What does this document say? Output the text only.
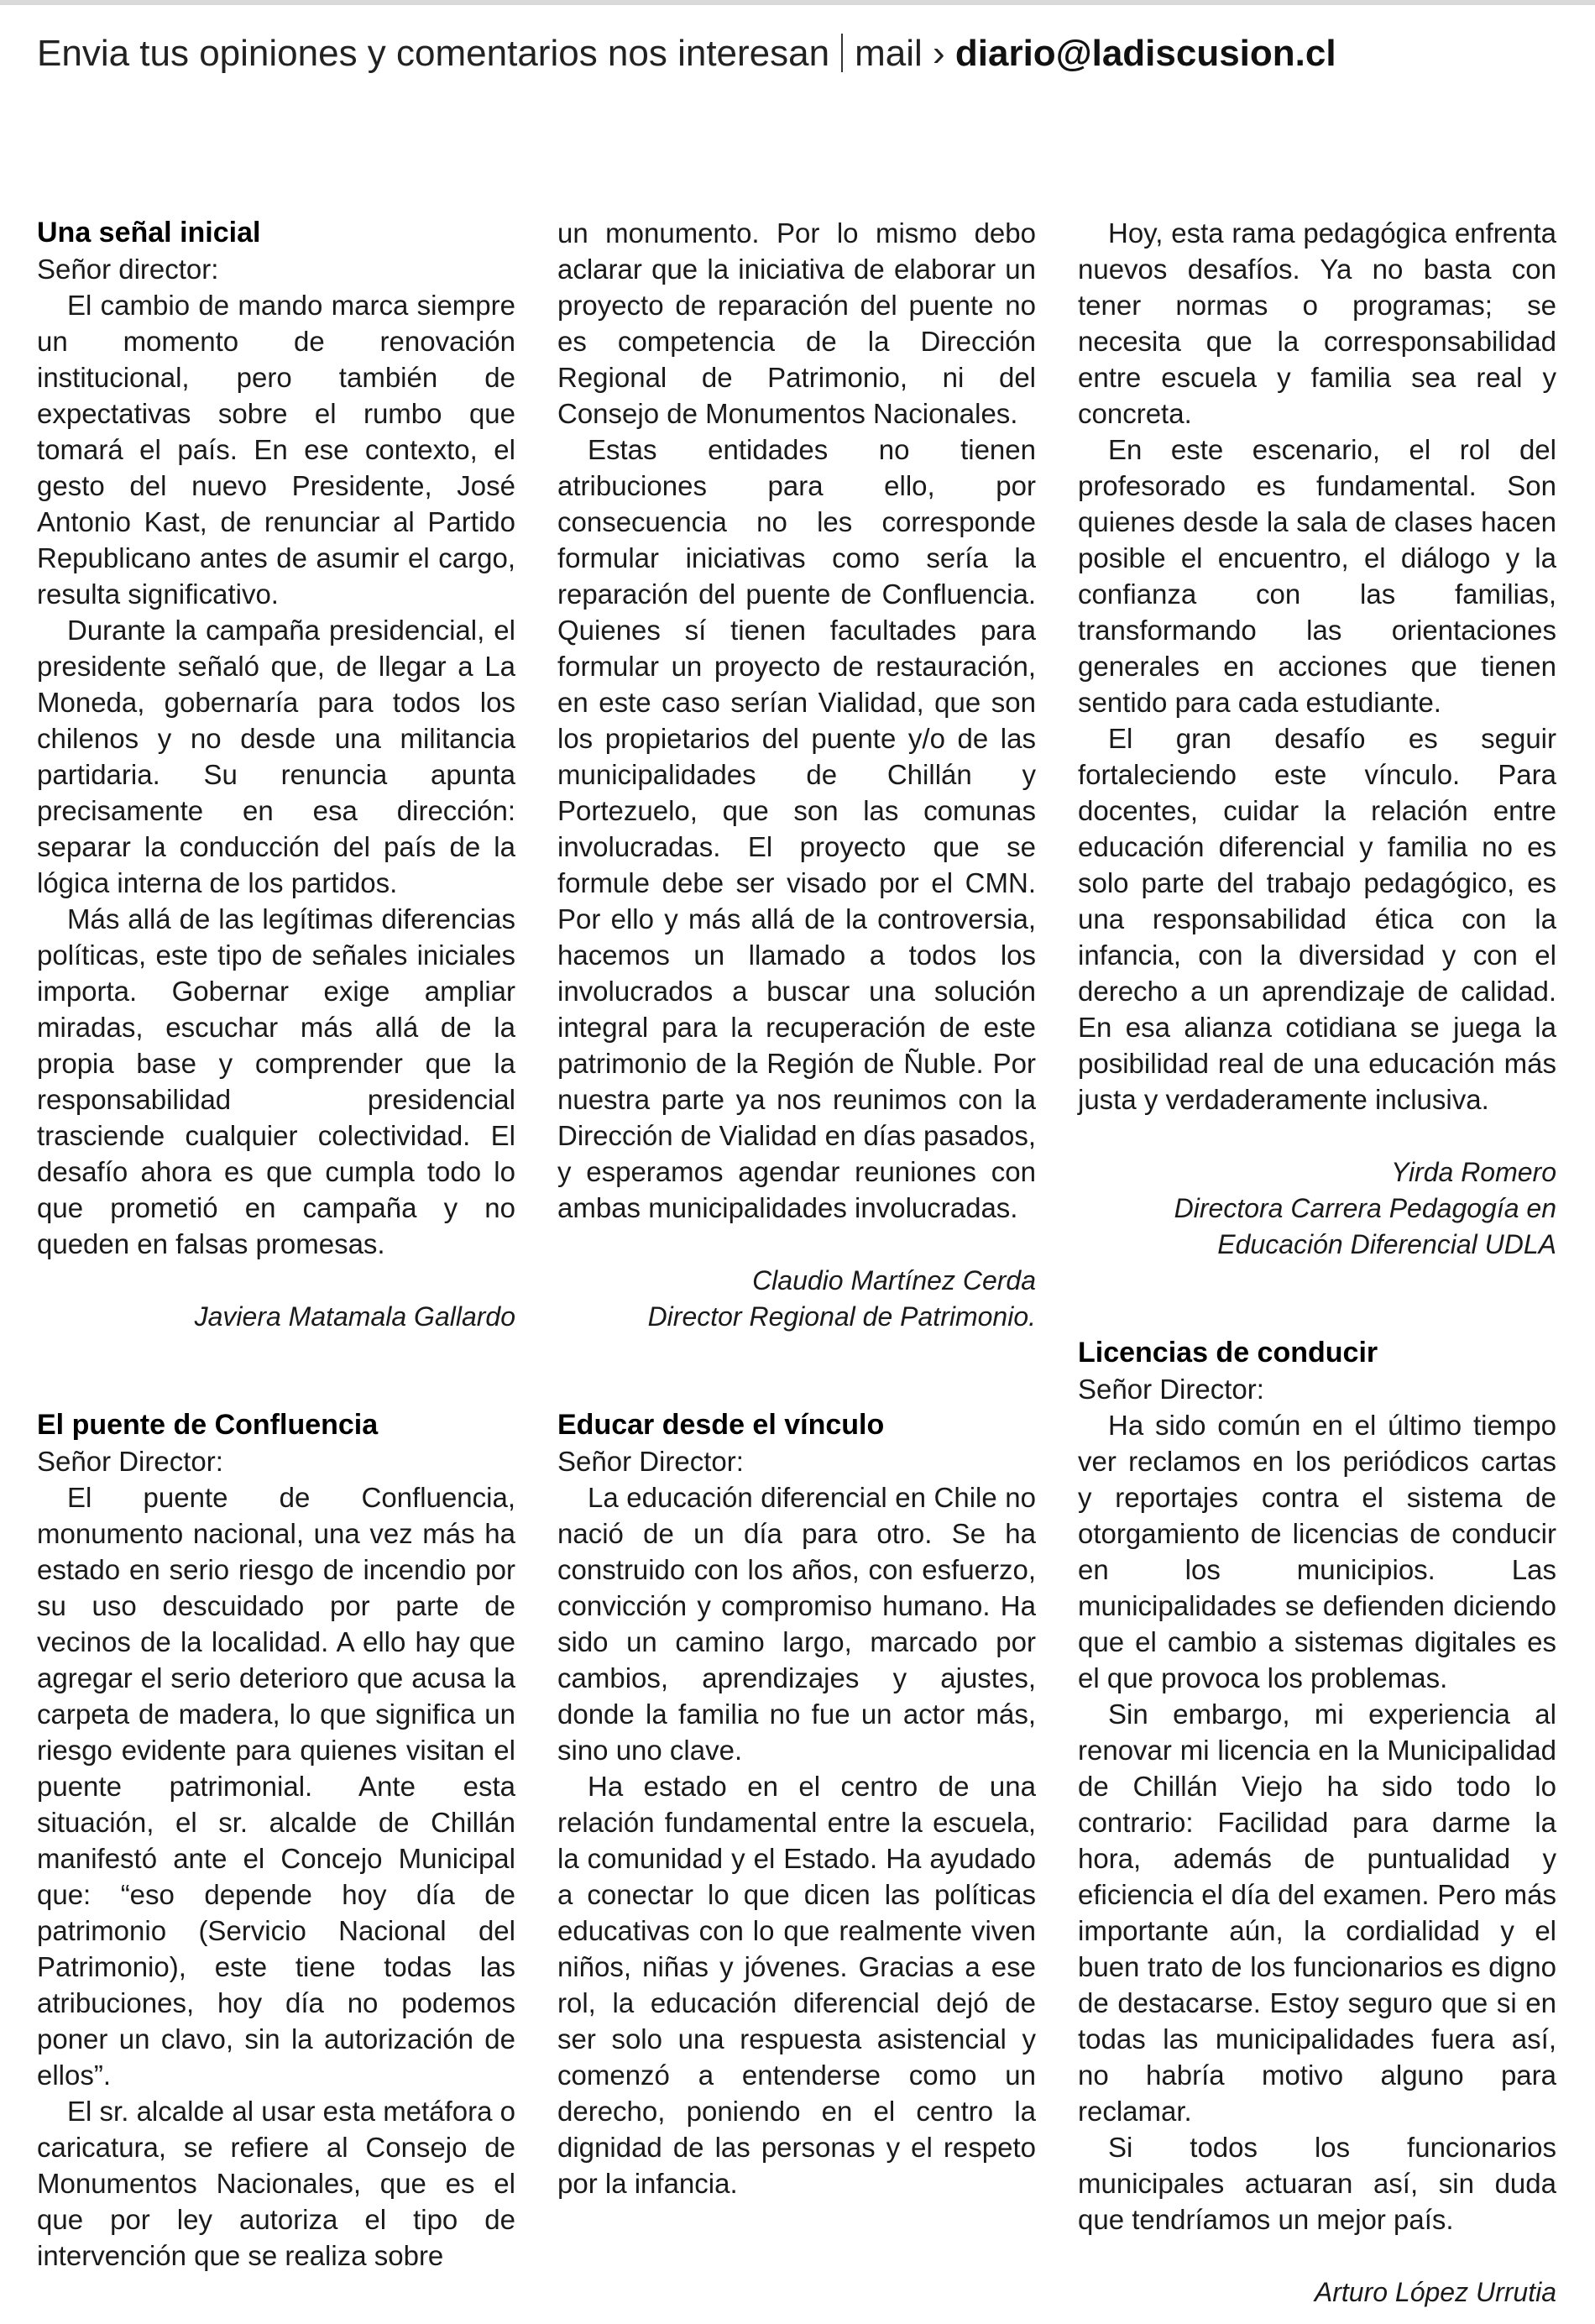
Envia tus opiniones y comentarios nos interesan mail › diario@ladiscusion.cl

Una señal inicial

Señor director:

El cambio de mando marca siempre un momento de renovación institucional, pero también de expectativas sobre el rumbo que tomará el país. En ese contexto, el gesto del nuevo Presidente, José Antonio Kast, de renunciar al Partido Republicano antes de asumir el cargo, resulta significativo.

Durante la campaña presidencial, el presidente señaló que, de llegar a La Moneda, gobernaría para todos los chilenos y no desde una militancia partidaria. Su renuncia apunta precisamente en esa dirección: separar la conducción del país de la lógica interna de los partidos.

Más allá de las legítimas diferencias políticas, este tipo de señales iniciales importa. Gobernar exige ampliar miradas, escuchar más allá de la propia base y comprender que la responsabilidad presidencial trasciende cualquier colectividad. El desafío ahora es que cumpla todo lo que prometió en campaña y no queden en falsas promesas.

Javiera Matamala Gallardo

El puente de Confluencia

Señor Director:

El puente de Confluencia, monumento nacional, una vez más ha estado en serio riesgo de incendio por su uso descuidado por parte de vecinos de la localidad. A ello hay que agregar el serio deterioro que acusa la carpeta de madera, lo que significa un riesgo evidente para quienes visitan el puente patrimonial. Ante esta situación, el sr. alcalde de Chillán manifestó ante el Concejo Municipal que: “eso depende hoy día de patrimonio (Servicio Nacional del Patrimonio), este tiene todas las atribuciones, hoy día no podemos poner un clavo, sin la autorización de ellos”.

El sr. alcalde al usar esta metáfora o caricatura, se refiere al Consejo de Monumentos Nacionales, que es el que por ley autoriza el tipo de intervención que se realiza sobre

un monumento. Por lo mismo debo aclarar que la iniciativa de elaborar un proyecto de reparación del puente no es competencia de la Dirección Regional de Patrimonio, ni del Consejo de Monumentos Nacionales.

Estas entidades no tienen atribuciones para ello, por consecuencia no les corresponde formular iniciativas como sería la reparación del puente de Confluencia. Quienes sí tienen facultades para formular un proyecto de restauración, en este caso serían Vialidad, que son los propietarios del puente y/o de las municipalidades de Chillán y Portezuelo, que son las comunas involucradas. El proyecto que se formule debe ser visado por el CMN. Por ello y más allá de la controversia, hacemos un llamado a todos los involucrados a buscar una solución integral para la recuperación de este patrimonio de la Región de Ñuble. Por nuestra parte ya nos reunimos con la Dirección de Vialidad en días pasados, y esperamos agendar reuniones con ambas municipalidades involucradas.

Claudio Martínez Cerda

Director Regional de Patrimonio.

Educar desde el vínculo

Señor Director:

La educación diferencial en Chile no nació de un día para otro. Se ha construido con los años, con esfuerzo, convicción y compromiso humano. Ha sido un camino largo, marcado por cambios, aprendizajes y ajustes, donde la familia no fue un actor más, sino uno clave.

Ha estado en el centro de una relación fundamental entre la escuela, la comunidad y el Estado. Ha ayudado a conectar lo que dicen las políticas educativas con lo que realmente viven niños, niñas y jóvenes. Gracias a ese rol, la educación diferencial dejó de ser solo una respuesta asistencial y comenzó a entenderse como un derecho, poniendo en el centro la dignidad de las personas y el respeto por la infancia.

Hoy, esta rama pedagógica enfrenta nuevos desafíos. Ya no basta con tener normas o programas; se necesita que la corresponsabilidad entre escuela y familia sea real y concreta.

En este escenario, el rol del profesorado es fundamental. Son quienes desde la sala de clases hacen posible el encuentro, el diálogo y la confianza con las familias, transformando las orientaciones generales en acciones que tienen sentido para cada estudiante.

El gran desafío es seguir fortaleciendo este vínculo. Para docentes, cuidar la relación entre educación diferencial y familia no es solo parte del trabajo pedagógico, es una responsabilidad ética con la infancia, con la diversidad y con el derecho a un aprendizaje de calidad. En esa alianza cotidiana se juega la posibilidad real de una educación más justa y verdaderamente inclusiva.

Yirda Romero

Directora Carrera Pedagogía en

Educación Diferencial UDLA

Licencias de conducir

Señor Director:

Ha sido común en el último tiempo ver reclamos en los periódicos cartas y reportajes contra el sistema de otorgamiento de licencias de conducir en los municipios. Las municipalidades se defienden diciendo que el cambio a sistemas digitales es el que provoca los problemas.

Sin embargo, mi experiencia al renovar mi licencia en la Municipalidad de Chillán Viejo ha sido todo lo contrario: Facilidad para darme la hora, además de puntualidad y eficiencia el día del examen. Pero más importante aún, la cordialidad y el buen trato de los funcionarios es digno de destacarse. Estoy seguro que si en todas las municipalidades fuera así, no habría motivo alguno para reclamar.

Si todos los funcionarios municipales actuaran así, sin duda que tendríamos un mejor país.

Arturo López Urrutia
